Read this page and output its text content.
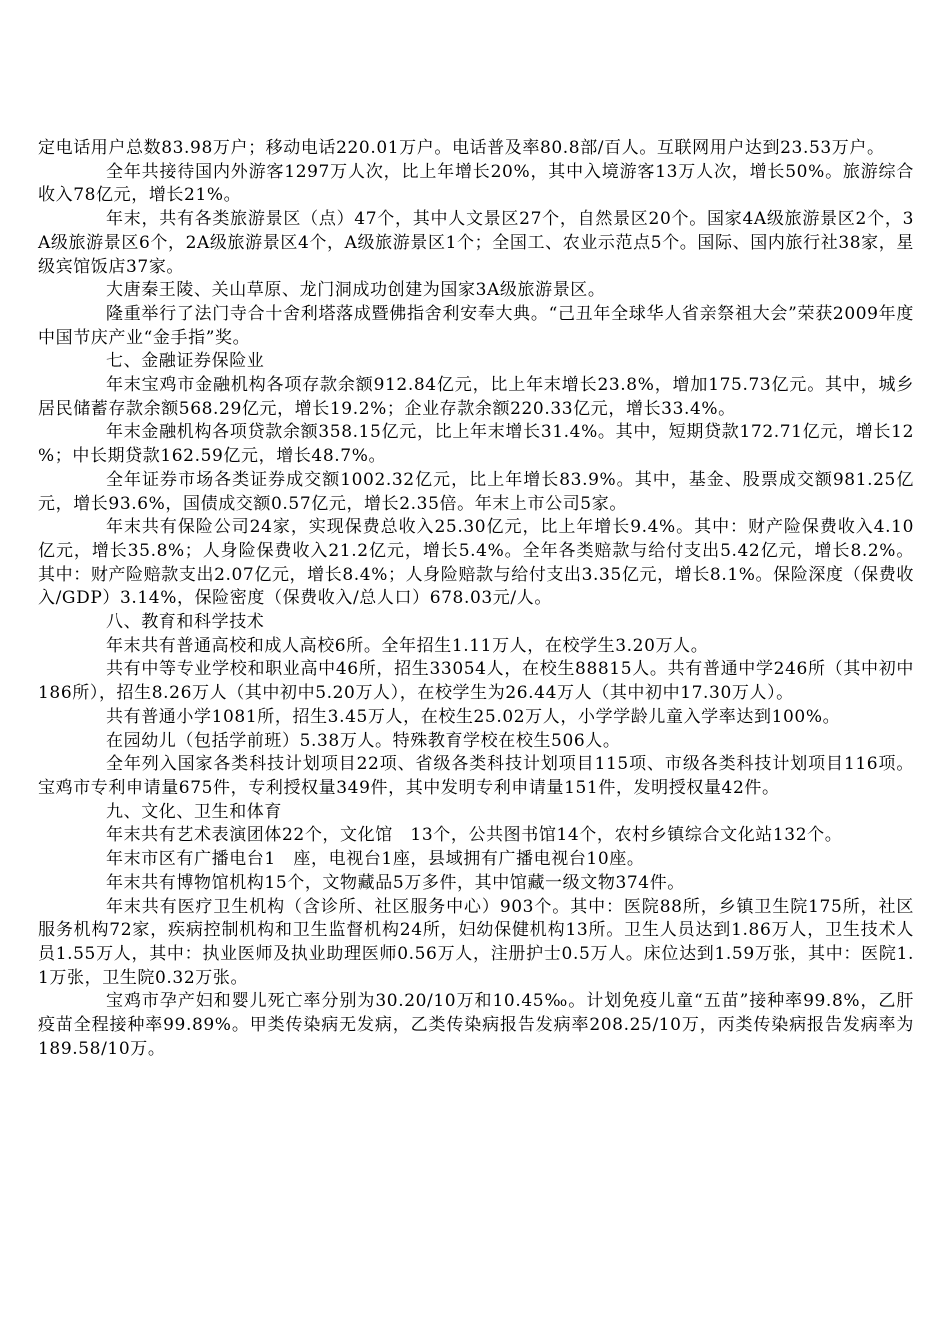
定电话用户总数83.98万户；移动电话220.01万户。电话普及率80.8部/百人。互联网用户达到23.53万户。

全年共接待国内外游客1297万人次，比上年增长20%，其中入境游客13万人次，增长50%。旅游综合收入78亿元，增长21%。

年末，共有各类旅游景区（点）47个，其中人文景区27个，自然景区20个。国家4A级旅游景区2个，3A级旅游景区6个，2A级旅游景区4个，A级旅游景区1个；全国工、农业示范点5个。国际、国内旅行社38家，星级宾馆饭店37家。

大唐秦王陵、关山草原、龙门洞成功创建为国家3A级旅游景区。

隆重举行了法门寺合十舍利塔落成暨佛指舍利安奉大典。“己丑年全球华人省亲祭祖大会”荣获2009年度中国节庆产业“金手指”奖。

七、金融证券保险业

年末宝鸡市金融机构各项存款余额912.84亿元，比上年末增长23.8%，增加175.73亿元。其中，城乡居民储蓄存款余额568.29亿元，增长19.2%；企业存款余额220.33亿元，增长33.4%。

年末金融机构各项贷款余额358.15亿元，比上年末增长31.4%。其中，短期贷款172.71亿元，增长12%；中长期贷款162.59亿元，增长48.7%。

全年证券市场各类证券成交额1002.32亿元，比上年增长83.9%。其中，基金、股票成交额981.25亿元，增长93.6%，国债成交额0.57亿元，增长2.35倍。年末上市公司5家。

年末共有保险公司24家，实现保费总收入25.30亿元，比上年增长9.4%。其中：财产险保费收入4.10亿元，增长35.8%；人身险保费收入21.2亿元，增长5.4%。全年各类赔款与给付支出5.42亿元，增长8.2%。其中：财产险赔款支出2.07亿元，增长8.4%；人身险赔款与给付支出3.35亿元，增长8.1%。保险深度（保费收入/GDP）3.14%，保险密度（保费收入/总人口）678.03元/人。

八、教育和科学技术

年末共有普通高校和成人高校6所。全年招生1.11万人，在校学生3.20万人。

共有中等专业学校和职业高中46所，招生33054人，在校生88815人。共有普通中学246所（其中初中186所），招生8.26万人（其中初中5.20万人），在校学生为26.44万人（其中初中17.30万人）。

共有普通小学1081所，招生3.45万人，在校生25.02万人，小学学龄儿童入学率达到100%。

在园幼儿（包括学前班）5.38万人。特殊教育学校在校生506人。

全年列入国家各类科技计划项目22项、省级各类科技计划项目115项、市级各类科技计划项目116项。宝鸡市专利申请量675件，专利授权量349件，其中发明专利申请量151件，发明授权量42件。

九、文化、卫生和体育

年末共有艺术表演团体22个，文化馆　13个，公共图书馆14个，农村乡镇综合文化站132个。

年末市区有广播电台1　座，电视台1座，县域拥有广播电视台10座。

年末共有博物馆机构15个，文物藏品5万多件，其中馆藏一级文物374件。

年末共有医疗卫生机构（含诊所、社区服务中心）903个。其中：医院88所，乡镇卫生院175所，社区服务机构72家，疾病控制机构和卫生监督机构24所，妇幼保健机构13所。卫生人员达到1.86万人，卫生技术人员1.55万人，其中：执业医师及执业助理医师0.56万人，注册护士0.5万人。床位达到1.59万张，其中：医院1.1万张，卫生院0.32万张。

宝鸡市孕产妇和婴儿死亡率分别为30.20/10万和10.45‰。计划免疫儿童“五苗”接种率99.8%，乙肝疫苗全程接种率99.89%。甲类传染病无发病，乙类传染病报告发病率208.25/10万，丙类传染病报告发病率为189.58/10万。
